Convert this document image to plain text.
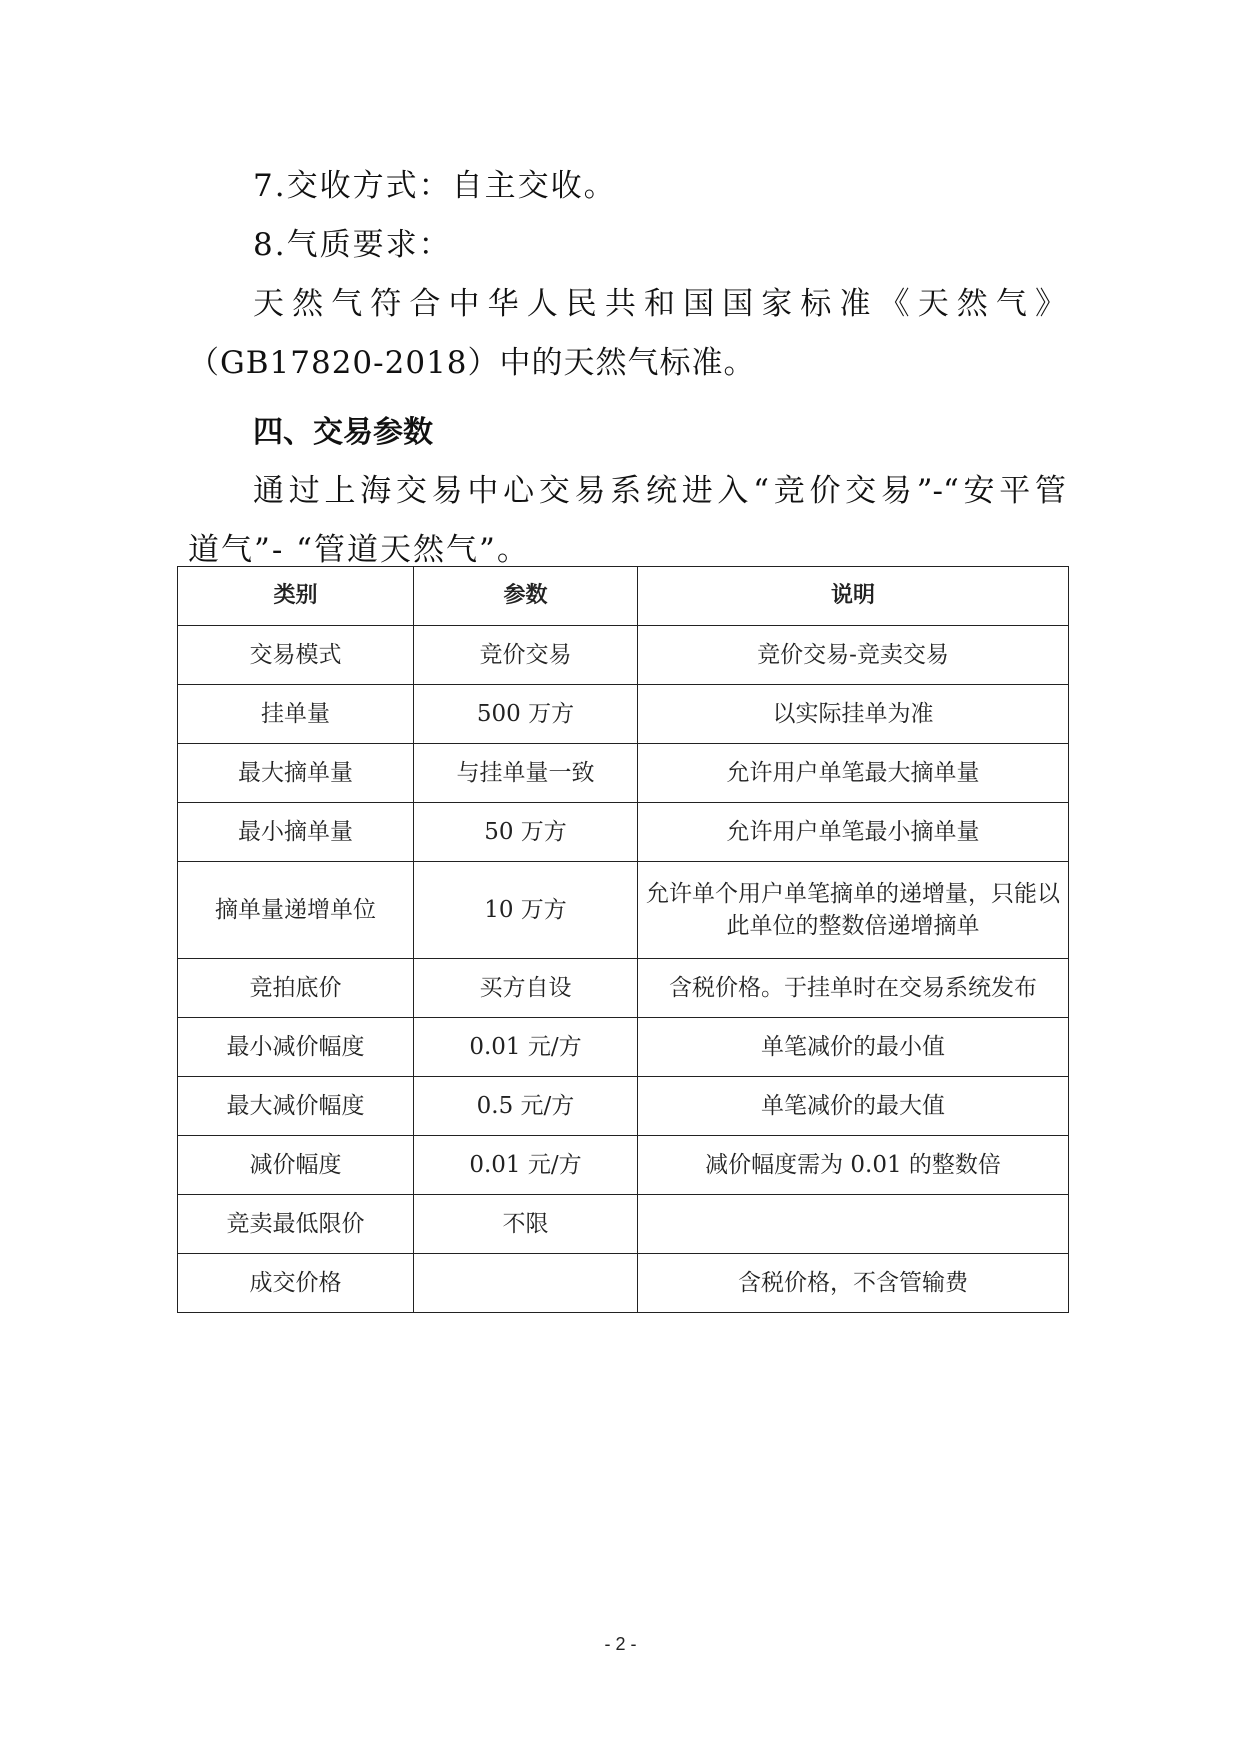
7.交收方式：自主交收。

8.气质要求：

天然气符合中华人民共和国国家标准《天然气》

（GB17820-2018）中的天然气标准。

四、交易参数

通过上海交易中心交易系统进入“竞价交易”-“安平管

道气”- “管道天然气”。

类别	参数	说明
交易模式	竞价交易	竞价交易-竞卖交易
挂单量	500 万方	以实际挂单为准
最大摘单量	与挂单量一致	允许用户单笔最大摘单量
最小摘单量	50 万方	允许用户单笔最小摘单量
摘单量递增单位	10 万方	允许单个用户单笔摘单的递增量，只能以此单位的整数倍递增摘单
竞拍底价	买方自设	含税价格。于挂单时在交易系统发布
最小减价幅度	0.01 元/方	单笔减价的最小值
最大减价幅度	0.5 元/方	单笔减价的最大值
减价幅度	0.01 元/方	减价幅度需为 0.01 的整数倍
竞卖最低限价	不限	
成交价格		含税价格，不含管输费
- 2 -
